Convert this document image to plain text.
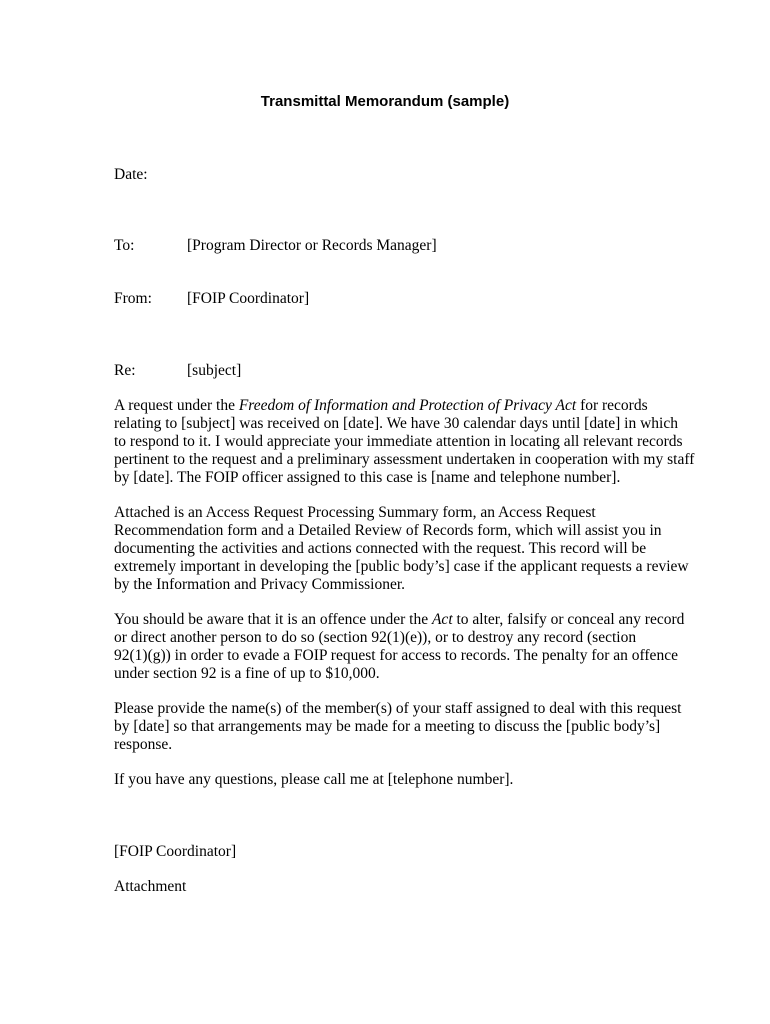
Transmittal Memorandum (sample)
Date:
To:	[Program Director or Records Manager]
From: [FOIP Coordinator]
Re:	[subject]

A request under the Freedom of Information and Protection of Privacy Act for records
relating to [subject] was received on [date]. We have 30 calendar days until [date] in which
to respond to it. I would appreciate your immediate attention in locating all relevant records
pertinent to the request and a preliminary assessment undertaken in cooperation with my staff
by [date]. The FOIP officer assigned to this case is [name and telephone number].

Attached is an Access Request Processing Summary form, an Access Request
Recommendation form and a Detailed Review of Records form, which will assist you in
documenting the activities and actions connected with the request. This record will be
extremely important in developing the [public body’s] case if the applicant requests a review
by the Information and Privacy Commissioner.

You should be aware that it is an offence under the Act to alter, falsify or conceal any record
or direct another person to do so (section 92(1)(e)), or to destroy any record (section
92(1)(g)) in order to evade a FOIP request for access to records. The penalty for an offence
under section 92 is a fine of up to $10,000.

Please provide the name(s) of the member(s) of your staff assigned to deal with this request
by [date] so that arrangements may be made for a meeting to discuss the [public body’s]
response.

If you have any questions, please call me at [telephone number].

[FOIP Coordinator]
Attachment
